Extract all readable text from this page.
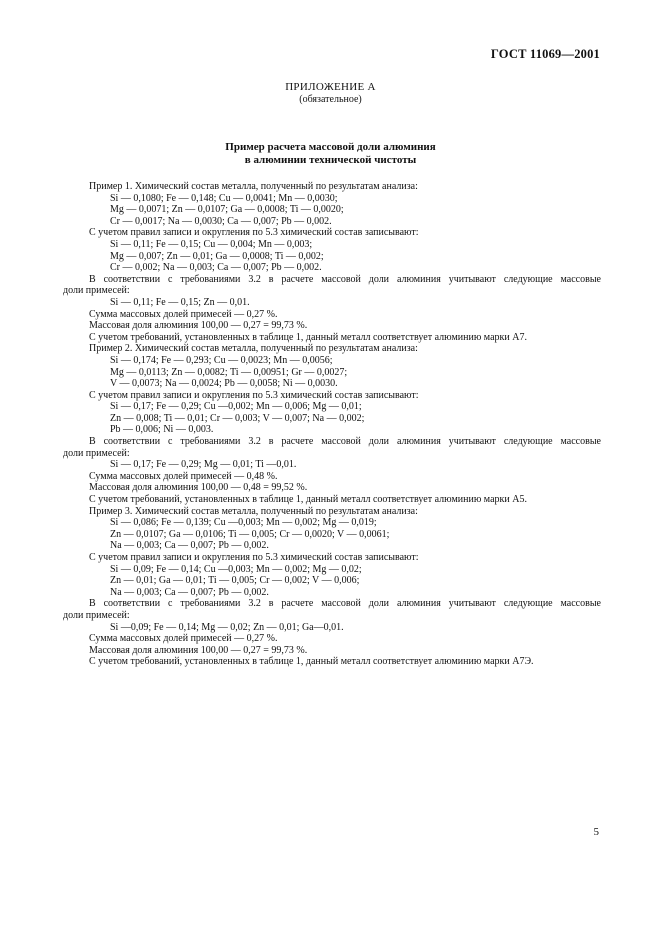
ГОСТ 11069—2001
ПРИЛОЖЕНИЕ А
(обязательное)
Пример расчета массовой доли алюминия
в алюминии технической чистоты
Пример 1. Химический состав металла, полученный по результатам анализа:
Si — 0,1080; Fe — 0,148; Cu — 0,0041; Mn — 0,0030;
Mg — 0,0071; Zn — 0,0107; Ga — 0,0008; Ti — 0,0020;
Cr — 0,0017; Na — 0,0030; Ca — 0,007; Pb — 0,002.
С учетом правил записи и округления по 5.3 химический состав записывают:
Si — 0,11; Fe — 0,15; Cu — 0,004; Mn — 0,003;
Mg — 0,007; Zn — 0,01; Ga — 0,0008; Ti — 0,002;
Cr — 0,002; Na — 0,003; Ca — 0,007; Pb — 0,002.
В соответствии с требованиями 3.2 в расчете массовой доли алюминия учитывают следующие массовые
доли примесей:
Si — 0,11; Fe — 0,15; Zn — 0,01.
Сумма массовых долей примесей — 0,27 %.
Массовая доля алюминия 100,00 — 0,27 = 99,73 %.
С учетом требований, установленных в таблице 1, данный металл соответствует алюминию марки А7.
Пример 2. Химический состав металла, полученный по результатам анализа:
Si — 0,174; Fe — 0,293; Cu — 0,0023; Mn — 0,0056;
Mg — 0,0113; Zn — 0,0082; Ti — 0,00951; Gr — 0,0027;
V — 0,0073; Na — 0,0024; Pb — 0,0058; Ni — 0,0030.
С учетом правил записи и округления по 5.3 химический состав записывают:
Si — 0,17; Fe — 0,29; Cu —0,002; Mn — 0,006; Mg — 0,01;
Zn — 0,008; Ti — 0,01; Cr — 0,003; V — 0,007; Na — 0,002;
Pb — 0,006; Ni — 0,003.
В соответствии с требованиями 3.2 в расчете массовой доли алюминия учитывают следующие массовые
доли примесей:
Si — 0,17; Fe — 0,29; Mg — 0,01; Ti —0,01.
Сумма массовых долей примесей — 0,48 %.
Массовая доля алюминия 100,00 — 0,48 = 99,52 %.
С учетом требований, установленных в таблице 1, данный металл соответствует алюминию марки А5.
Пример 3. Химический состав металла, полученный по результатам анализа:
Si — 0,086; Fe — 0,139; Cu —0,003; Mn — 0,002; Mg — 0,019;
Zn — 0,0107; Ga — 0,0106; Ti — 0,005; Cr — 0,0020; V — 0,0061;
Na — 0,003; Ca — 0,007; Pb — 0,002.
С учетом правил записи и округления по 5.3 химический состав записывают:
Si — 0,09; Fe — 0,14; Cu —0,003; Mn — 0,002; Mg — 0,02;
Zn — 0,01; Ga — 0,01; Ti — 0,005; Cr — 0,002; V — 0,006;
Na — 0,003; Ca — 0,007; Pb — 0,002.
В соответствии с требованиями 3.2 в расчете массовой доли алюминия учитывают следующие массовые
доли примесей:
Si —0,09; Fe — 0,14; Mg — 0,02; Zn — 0,01; Ga—0,01.
Сумма массовых долей примесей — 0,27 %.
Массовая доля алюминия 100,00 — 0,27 = 99,73 %.
С учетом требований, установленных в таблице 1, данный металл соответствует алюминию марки А7Э.
5
